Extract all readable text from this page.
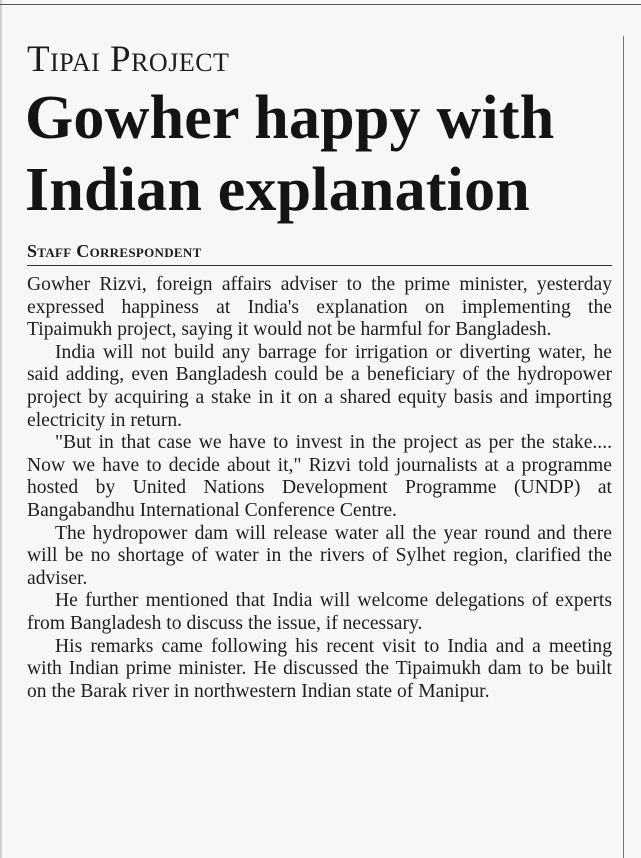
Tipai Project
Gowher happy with Indian explanation
Staff Correspondent

Gowher Rizvi, foreign affairs adviser to the prime minister, yesterday expressed happiness at India's explanation on implementing the Tipaimukh project, saying it would not be harmful for Bangladesh.

India will not build any barrage for irrigation or diverting water, he said adding, even Bangladesh could be a beneficiary of the hydropower project by acquiring a stake in it on a shared equity basis and importing electricity in return.

"But in that case we have to invest in the project as per the stake.... Now we have to decide about it," Rizvi told journalists at a programme hosted by United Nations Development Programme (UNDP) at Bangabandhu International Conference Centre.

The hydropower dam will release water all the year round and there will be no shortage of water in the rivers of Sylhet region, clarified the adviser.

He further mentioned that India will welcome delegations of experts from Bangladesh to discuss the issue, if necessary.

His remarks came following his recent visit to India and a meeting with Indian prime minister. He discussed the Tipaimukh dam to be built on the Barak river in northwestern Indian state of Manipur.
